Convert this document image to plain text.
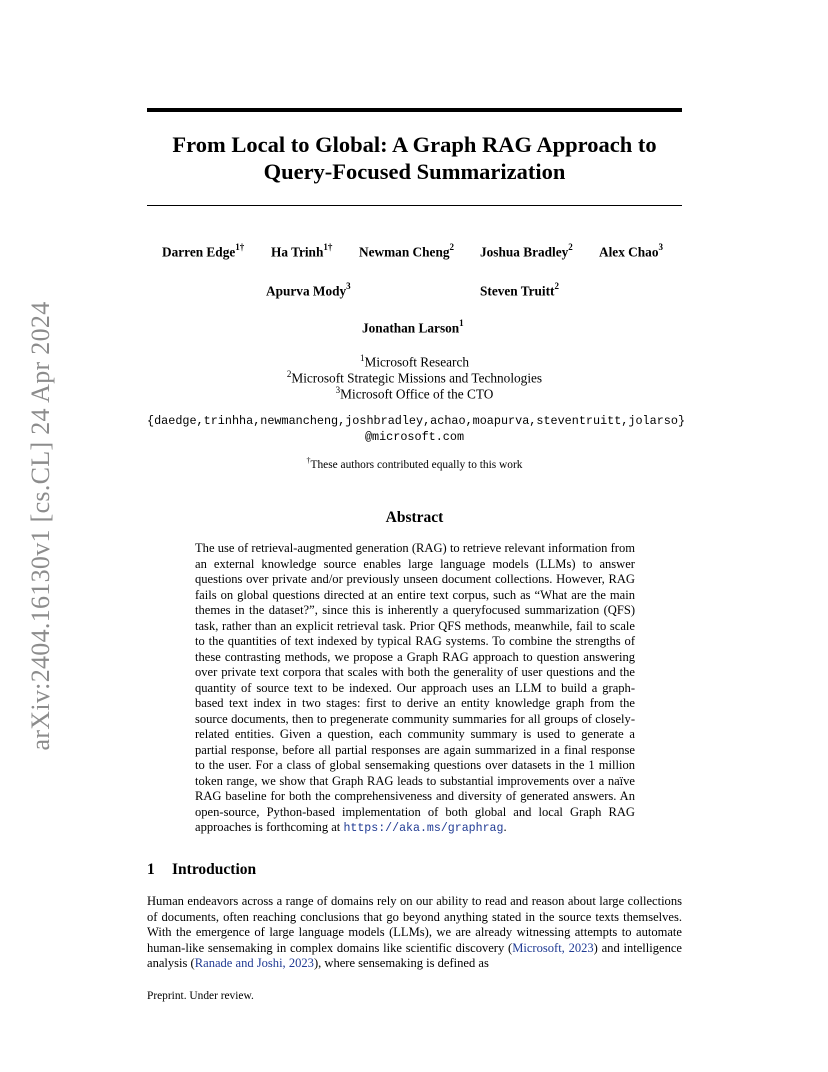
arXiv:2404.16130v1 [cs.CL] 24 Apr 2024
From Local to Global: A Graph RAG Approach to
Query-Focused Summarization
Darren Edge$^{1\dagger}$ Ha Trinh$^{1\dagger}$ Newman Cheng$^2$ Joshua Bradley$^2$ Alex Chao$^3$
Apurva Mody$^3$	Steven Truitt$^2$
Jonathan Larson$^1$
$^1$Microsoft Research
$^2$Microsoft Strategic Missions and Technologies
$^3$Microsoft Office of the CTO
{daedge,trinhha,newmancheng,joshbradley,achao,moapurva,steventruitt,jolarso}
@microsoft.com
†These authors contributed equally to this work
Abstract
The use of retrieval-augmented generation (RAG) to retrieve relevant information from an external knowledge source enables large language models (LLMs) to answer questions over private and/or previously unseen document collections. However, RAG fails on global questions directed at an entire text corpus, such as “What are the main themes in the dataset?”, since this is inherently a queryfocused summarization (QFS) task, rather than an explicit retrieval task. Prior QFS methods, meanwhile, fail to scale to the quantities of text indexed by typical RAG systems. To combine the strengths of these contrasting methods, we propose a Graph RAG approach to question answering over private text corpora that scales with both the generality of user questions and the quantity of source text to be indexed. Our approach uses an LLM to build a graph-based text index in two stages: first to derive an entity knowledge graph from the source documents, then to pregenerate community summaries for all groups of closely-related entities. Given a question, each community summary is used to generate a partial response, before all partial responses are again summarized in a final response to the user. For a class of global sensemaking questions over datasets in the 1 million token range, we show that Graph RAG leads to substantial improvements over a naïve RAG baseline for both the comprehensiveness and diversity of generated answers. An open-source, Python-based implementation of both global and local Graph RAG approaches is forthcoming at https://aka.ms/graphrag.
1 Introduction
Human endeavors across a range of domains rely on our ability to read and reason about large collections of documents, often reaching conclusions that go beyond anything stated in the source texts themselves. With the emergence of large language models (LLMs), we are already witnessing attempts to automate human-like sensemaking in complex domains like scientific discovery (Microsoft, 2023) and intelligence analysis (Ranade and Joshi, 2023), where sensemaking is defined as
Preprint. Under review.
